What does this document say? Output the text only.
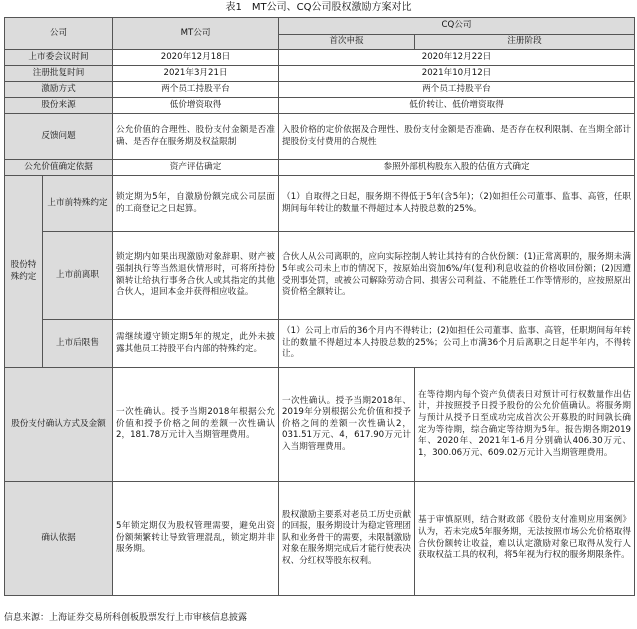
表1　MT公司、CQ公司股权激励方案对比
公司		MT公司	CQ公司	
			首次申报	注册阶段
上市委会议时间		2020年12月18日	2020年12月22日	
注册批复时间		2021年3月21日	2021年10月12日	
激励方式		两个员工持股平台	两个员工持股平台	
股份来源		低价增资取得	低价转让、低价增资取得	
反馈问题		公允价值的合理性、股份支付金额是否准确、是否存在服务期及权益限制	入股价格的定价依据及合理性、股份支付金额是否准确、是否存在权利限制、在当期全部计提股份支付费用的合规性	
公允价值确定依据		资产评估确定	参照外部机构股东入股的估值方式确定	
股份特殊约定	上市前特殊约定	锁定期为5年，自激励份额完成公司层面的工商登记之日起算。	（1）自取得之日起，服务期不得低于5年(含5年)；（2)如担任公司董事、监事、高管，任职期间每年转让的数量不得超过本人持股总数的25%。	
	上市前离职	锁定期内如果出现激励对象辞职、财产被强制执行等当然退伙情形时，可将所持份额转让给执行事务合伙人或其指定的其他合伙人，退回本金并获得相应收益。	合伙人从公司离职的，应向实际控制人转让其持有的合伙份额：(1)正常离职的，服务期未满5年或公司未上市的情况下，按原始出资加6%/年(复利)利息收益的价格收回份额；(2)因遭受刑事处罚，或被公司解除劳动合同、损害公司利益、不能胜任工作等情形的，应按照原出资价格全额转让。	
	上市后限售	需继续遵守锁定期5年的规定，此外未披露其他员工持股平台内部的特殊约定。	（1）公司上市后的36个月内不得转让；(2)如担任公司董事、监事、高管，任职期间每年转让的数量不得超过本人持股总数的25%；公司上市满36个月后离职之日起半年内，不得转让。	
股份支付确认方式及金额		一次性确认。授予当期2018年根据公允价值和授予价格之间的差额一次性确认2，181.78万元计入当期管理费用。	一次性确认。授予当期2018年、2019年分别根据公允价值和授予价格之间的差额一次性确认2，031.51万元、4，617.90万元计入当期管理费用。	在等待期内每个资产负债表日对预计可行权数量作出估计，并按照授予日授予股份的公允价值确认。将服务期与预计从授予日至成功完成首次公开募股的时间孰长确定为等待期，综合确定等待期为5年。报告期各期2019年、2020年、2021年1-6月分别确认406.30万元、1，300.06万元、609.02万元计入当期管理费用。
确认依据		5年锁定期仅为股权管理需要，避免出资份额频繁转让导致管理混乱，锁定期并非服务期。	股权激励主要系对老员工历史贡献的回报，服务期设计为稳定管理团队和业务骨干的需要，未限制激励对象在服务期完成后才能行使表决权、分红权等股东权利。	基于审慎原则，结合财政部《股份支付准则应用案例》认为，若未完成5年服务期，无法按照市场公允价格取得合伙份额转让收益，难以认定激励对象已取得从发行人获取权益工具的权利，将5年视为行权的服务期限条件。
信息来源：上海证券交易所科创板股票发行上市审核信息披露
